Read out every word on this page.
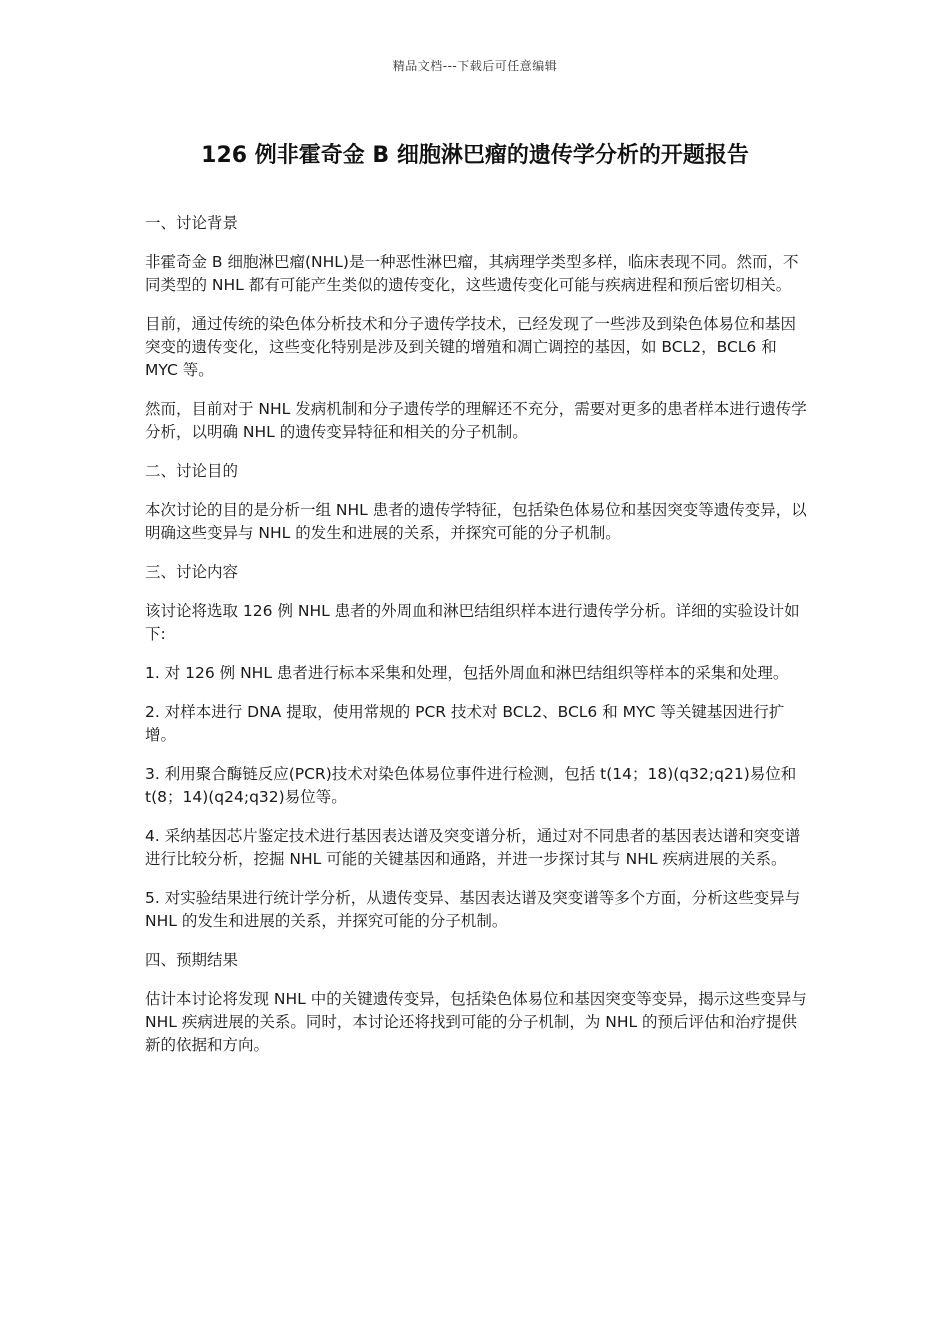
精品文档---下载后可任意编辑
126 例非霍奇金 B 细胞淋巴瘤的遗传学分析的开题报告

一、讨论背景

非霍奇金 B 细胞淋巴瘤(NHL)是一种恶性淋巴瘤，其病理学类型多样，临床表现不同。然而，不同类型的 NHL 都有可能产生类似的遗传变化，这些遗传变化可能与疾病进程和预后密切相关。

目前，通过传统的染色体分析技术和分子遗传学技术，已经发现了一些涉及到染色体易位和基因突变的遗传变化，这些变化特别是涉及到关键的增殖和凋亡调控的基因，如 BCL2，BCL6 和 MYC 等。

然而，目前对于 NHL 发病机制和分子遗传学的理解还不充分，需要对更多的患者样本进行遗传学分析，以明确 NHL 的遗传变异特征和相关的分子机制。

二、讨论目的

本次讨论的目的是分析一组 NHL 患者的遗传学特征，包括染色体易位和基因突变等遗传变异，以明确这些变异与 NHL 的发生和进展的关系，并探究可能的分子机制。

三、讨论内容

该讨论将选取 126 例 NHL 患者的外周血和淋巴结组织样本进行遗传学分析。详细的实验设计如下:

1. 对 126 例 NHL 患者进行标本采集和处理，包括外周血和淋巴结组织等样本的采集和处理。

2. 对样本进行 DNA 提取，使用常规的 PCR 技术对 BCL2、BCL6 和 MYC 等关键基因进行扩增。

3. 利用聚合酶链反应(PCR)技术对染色体易位事件进行检测，包括 t(14；18)(q32;q21)易位和 t(8；14)(q24;q32)易位等。

4. 采纳基因芯片鉴定技术进行基因表达谱及突变谱分析，通过对不同患者的基因表达谱和突变谱进行比较分析，挖掘 NHL 可能的关键基因和通路，并进一步探讨其与 NHL 疾病进展的关系。

5. 对实验结果进行统计学分析，从遗传变异、基因表达谱及突变谱等多个方面，分析这些变异与 NHL 的发生和进展的关系，并探究可能的分子机制。

四、预期结果

估计本讨论将发现 NHL 中的关键遗传变异，包括染色体易位和基因突变等变异，揭示这些变异与 NHL 疾病进展的关系。同时，本讨论还将找到可能的分子机制，为 NHL 的预后评估和治疗提供新的依据和方向。
